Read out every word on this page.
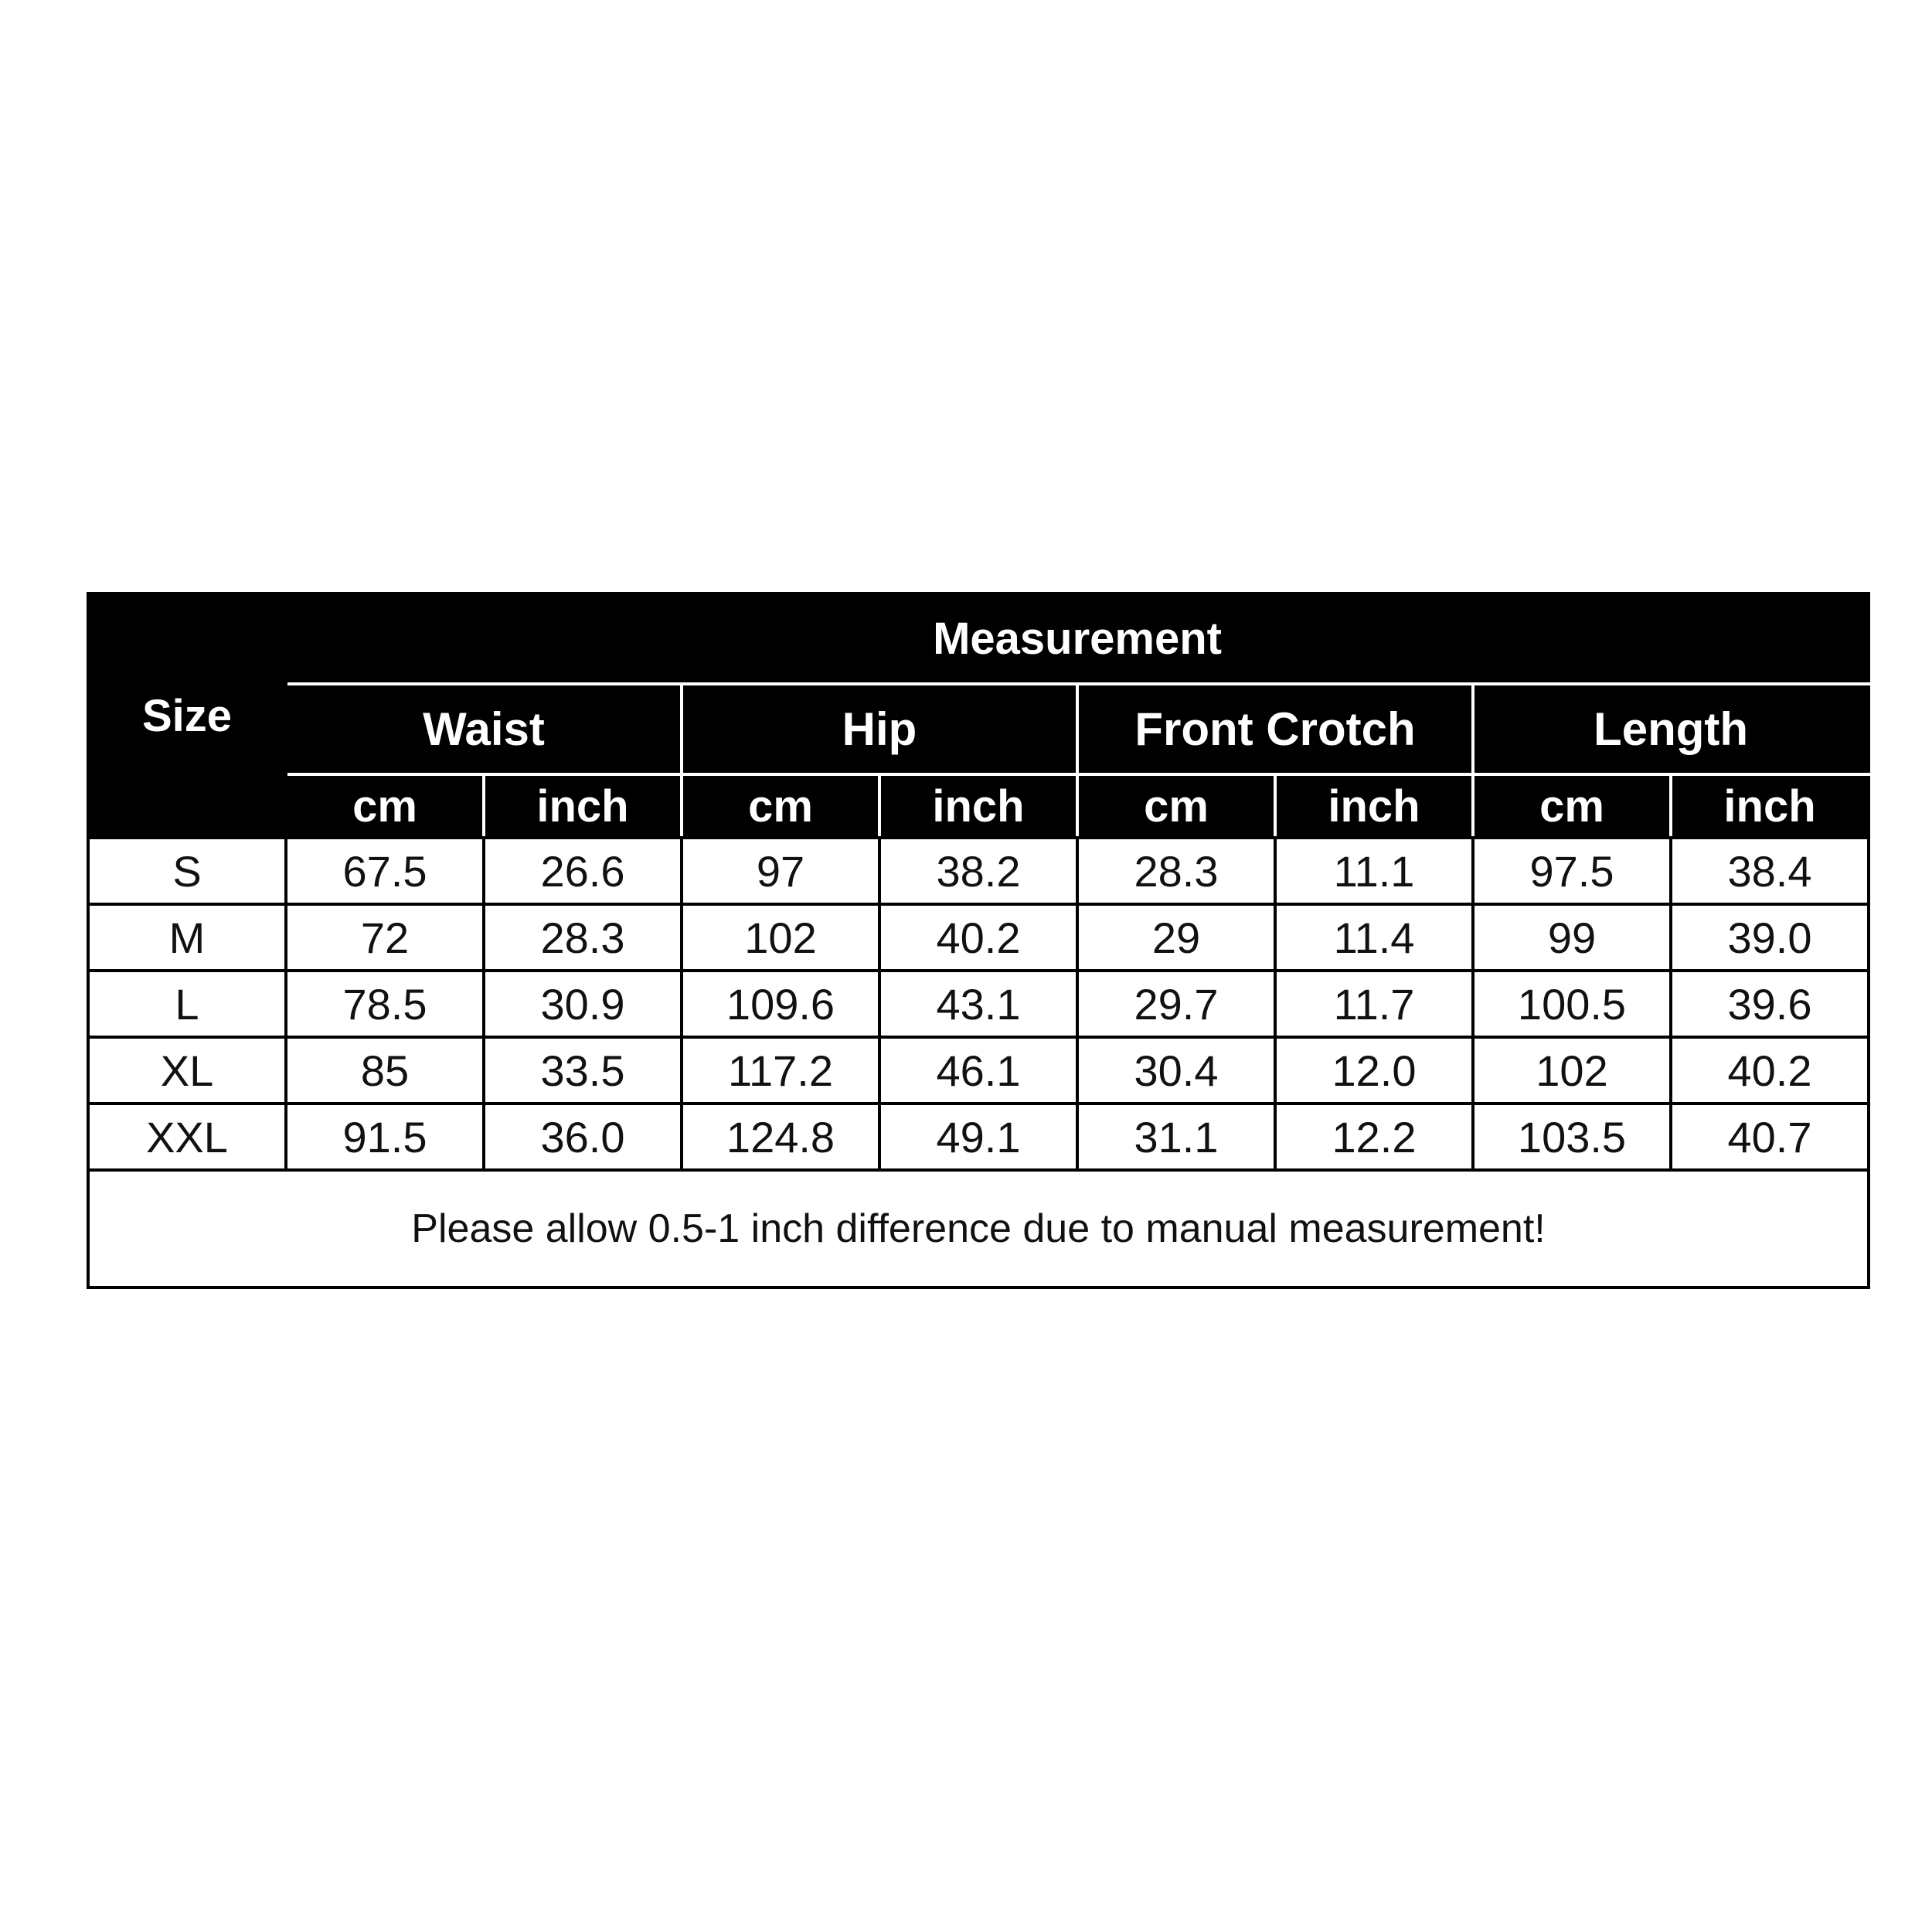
Size	Measurement							
	Waist		Hip		Front Crotch		Length	
	cm	inch	cm	inch	cm	inch	cm	inch
S	67.5	26.6	97	38.2	28.3	11.1	97.5	38.4
M	72	28.3	102	40.2	29	11.4	99	39.0
L	78.5	30.9	109.6	43.1	29.7	11.7	100.5	39.6
XL	85	33.5	117.2	46.1	30.4	12.0	102	40.2
XXL	91.5	36.0	124.8	49.1	31.1	12.2	103.5	40.7
Please allow 0.5-1 inch difference due to manual measurement!								
